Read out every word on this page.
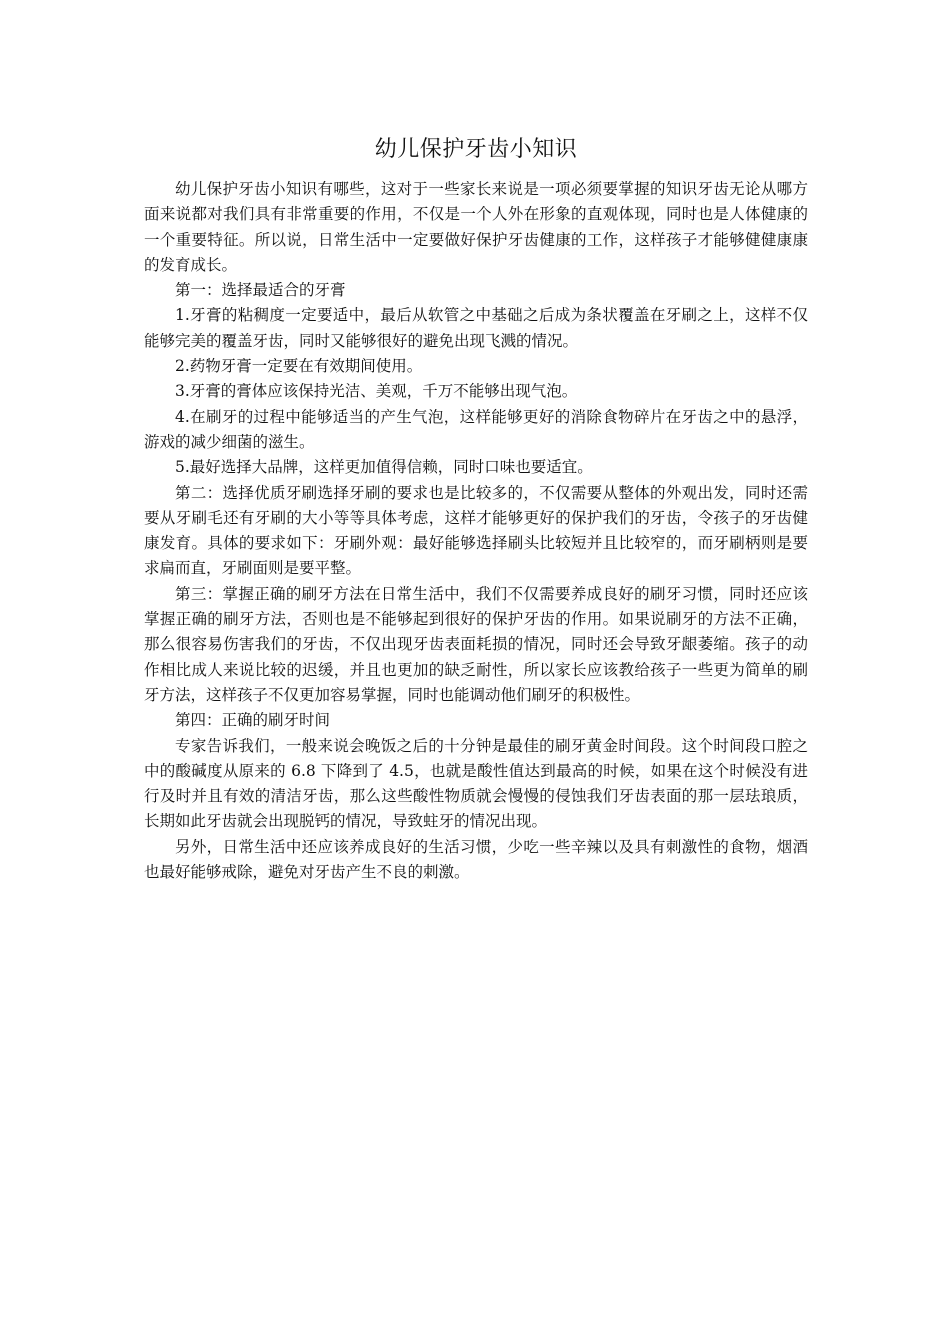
幼儿保护牙齿小知识

幼儿保护牙齿小知识有哪些，这对于一些家长来说是一项必须要掌握的知识牙齿无论从哪方面来说都对我们具有非常重要的作用，不仅是一个人外在形象的直观体现，同时也是人体健康的一个重要特征。所以说，日常生活中一定要做好保护牙齿健康的工作，这样孩子才能够健健康康的发育成长。

第一：选择最适合的牙膏

1.牙膏的粘稠度一定要适中，最后从软管之中基础之后成为条状覆盖在牙刷之上，这样不仅能够完美的覆盖牙齿，同时又能够很好的避免出现飞溅的情况。

2.药物牙膏一定要在有效期间使用。

3.牙膏的膏体应该保持光洁、美观，千万不能够出现气泡。

4.在刷牙的过程中能够适当的产生气泡，这样能够更好的消除食物碎片在牙齿之中的悬浮，游戏的减少细菌的滋生。

5.最好选择大品牌，这样更加值得信赖，同时口味也要适宜。

第二：选择优质牙刷选择牙刷的要求也是比较多的，不仅需要从整体的外观出发，同时还需要从牙刷毛还有牙刷的大小等等具体考虑，这样才能够更好的保护我们的牙齿，令孩子的牙齿健康发育。具体的要求如下：牙刷外观：最好能够选择刷头比较短并且比较窄的，而牙刷柄则是要求扁而直，牙刷面则是要平整。

第三：掌握正确的刷牙方法在日常生活中，我们不仅需要养成良好的刷牙习惯，同时还应该掌握正确的刷牙方法，否则也是不能够起到很好的保护牙齿的作用。如果说刷牙的方法不正确，那么很容易伤害我们的牙齿，不仅出现牙齿表面耗损的情况，同时还会导致牙龈萎缩。孩子的动作相比成人来说比较的迟缓，并且也更加的缺乏耐性，所以家长应该教给孩子一些更为简单的刷牙方法，这样孩子不仅更加容易掌握，同时也能调动他们刷牙的积极性。

第四：正确的刷牙时间

专家告诉我们，一般来说会晚饭之后的十分钟是最佳的刷牙黄金时间段。这个时间段口腔之中的酸碱度从原来的 6.8 下降到了 4.5，也就是酸性值达到最高的时候，如果在这个时候没有进行及时并且有效的清洁牙齿，那么这些酸性物质就会慢慢的侵蚀我们牙齿表面的那一层珐琅质，长期如此牙齿就会出现脱钙的情况，导致蛀牙的情况出现。

另外，日常生活中还应该养成良好的生活习惯，少吃一些辛辣以及具有刺激性的食物，烟酒也最好能够戒除，避免对牙齿产生不良的刺激。
